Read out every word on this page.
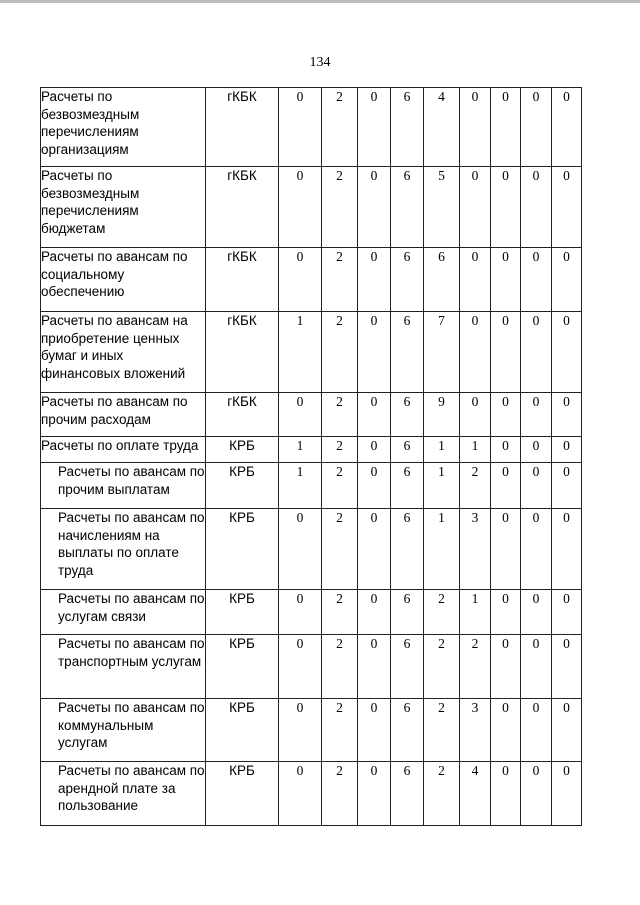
134
Расчеты по безвозмездным перечислениям организациям	гКБК	0	2	0	6	4	0	0	0	0
Расчеты по безвозмездным перечислениям бюджетам	гКБК	0	2	0	6	5	0	0	0	0
Расчеты по авансам по социальному обеспечению	гКБК	0	2	0	6	6	0	0	0	0
Расчеты по авансам на приобретение ценных бумаг и иных финансовых вложений	гКБК	1	2	0	6	7	0	0	0	0
Расчеты по авансам по прочим расходам	гКБК	0	2	0	6	9	0	0	0	0
Расчеты по оплате труда	КРБ	1	2	0	6	1	1	0	0	0
Расчеты по авансам по прочим выплатам	КРБ	1	2	0	6	1	2	0	0	0
Расчеты по авансам по начислениям на выплаты по оплате труда	КРБ	0	2	0	6	1	3	0	0	0
Расчеты по авансам по услугам связи	КРБ	0	2	0	6	2	1	0	0	0
Расчеты по авансам по транспортным услугам	КРБ	0	2	0	6	2	2	0	0	0
Расчеты по авансам по коммунальным услугам	КРБ	0	2	0	6	2	3	0	0	0
Расчеты по авансам по арендной плате за пользование	КРБ	0	2	0	6	2	4	0	0	0
